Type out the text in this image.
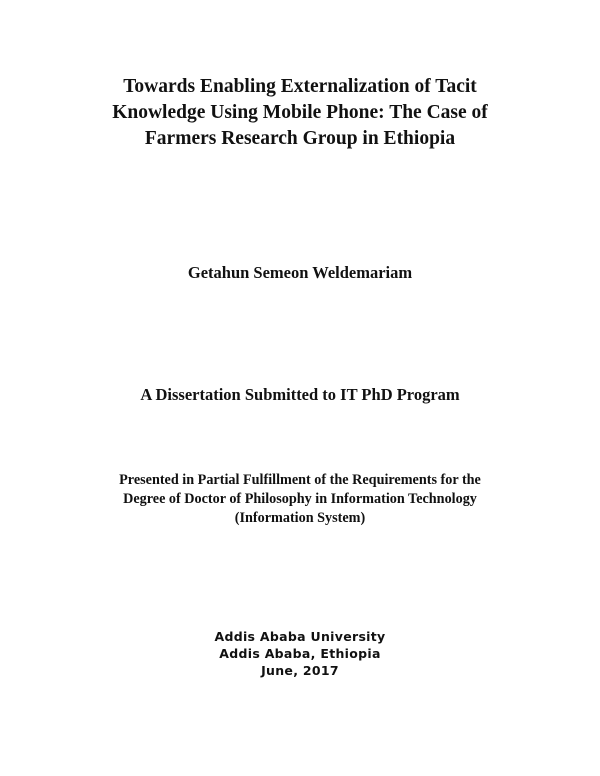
Towards Enabling Externalization of Tacit
Knowledge Using Mobile Phone: The Case of
Farmers Research Group in Ethiopia
Getahun Semeon Weldemariam
A Dissertation Submitted to IT PhD Program
Presented in Partial Fulfillment of the Requirements for the
Degree of Doctor of Philosophy in Information Technology
(Information System)
Addis Ababa University
Addis Ababa, Ethiopia
June, 2017
